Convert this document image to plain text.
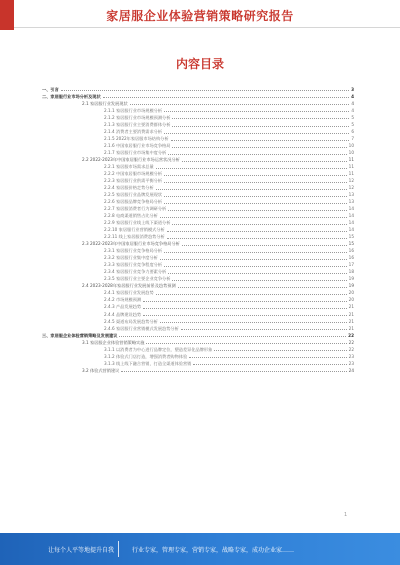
家居服企业体验营销策略研究报告
内容目录
一、引言	3
二、家居服行业市场分析及现状	4
2.1 家居服行业发展现状	4
2.1.1 家居服行业市场规模分析	4
2.1.2 家居服行业市场规模预测分析	5
2.1.3 家居服行业主要消费群体分析	5
2.1.4 消费者主要消费需求分析	6
2.1.5 2022年家居服市场结构分析	7
2.1.6 中国家居服行业市场竞争格局	10
2.1.7 家居服行业市场集中度分析	10
2.2 2022-2023年中国家居服行业市场运营状况分析	11
2.2.1 家居服市场需求总量	11
2.2.2 中国家居服市场规模分析	11
2.2.3 家居服行业供需平衡分析	12
2.2.4 家居服价格走势分析	12
2.2.5 家居服行业品牌发展现状	13
2.2.6 家居服品牌竞争格局分析	13
2.2.7 家居服消费者行为调研分析	14
2.2.8 电商渠道销售占比分析	14
2.2.9 家居服行业线上线下渠道分析	14
2.2.10 家居服行业营销模式分析	14
2.2.11 线上家居服消费趋势分析	15
2.3 2022-2023年中国家居服行业市场竞争格局分析	15
2.3.1 家居服行业竞争格局分析	16
2.3.2 家居服行业集中度分析	16
2.3.3 家居服行业竞争程度分析	17
2.3.4 家居服行业竞争力要素分析	18
2.3.5 家居服行业主要企业竞争分析	19
2.4 2023-2028年家居服行业发展前景及趋势预测	19
2.4.1 家居服行业发展趋势	20
2.4.2 市场规模预测	20
2.4.3 产品发展趋势	21
2.4.4 品牌建设趋势	21
2.4.5 渠道布局发展趋势分析	21
2.4.6 家居服行业营销模式发展趋势分析	21
三、家居服企业体验营销策略及发展建议	22
3.1 家居服企业体验营销策略实施	22
3.1.1 以消费者为中心进行品牌定位，塑造差异化品牌形象	22
3.1.2 体验式门店打造，增强消费者购物体验	23
3.1.3 线上线下融合营销，打造全渠道体验营销	23
3.2 体验式营销建议	24
1
让每个人平等地提升自我	行业专家，管理专家，营销专家，战略专家，成功企业家……
